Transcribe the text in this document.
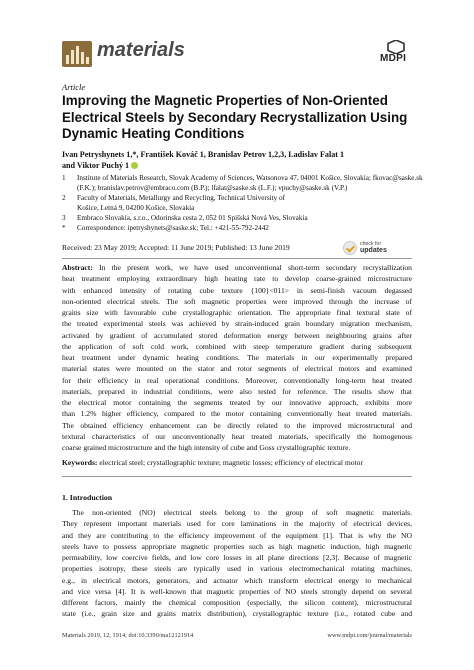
materials	MDPI
Article
Improving the Magnetic Properties of Non-Oriented Electrical Steels by Secondary Recrystallization Using Dynamic Heating Conditions
Ivan Petryshynets 1,*, František Kováč 1, Branislav Petrov 1,2,3, Ladislav Falat 1
and Viktor Puchý 1
1	Institute of Materials Research, Slovak Academy of Sciences, Watsonova 47, 04001 Košice, Slovakia; fkovac@saske.sk (F.K.); branislav.petrov@embraco.com (B.P.); lfalat@saske.sk (L.F.); vpuchy@saske.sk (V.P.)
2	Faculty of Materials, Metallurgy and Recycling, Technical University of Košice, Letná 9, 04200 Košice, Slovakia
3	Embraco Slovakia, s.r.o., Odorinska cesta 2, 052 01 Spišská Nová Ves, Slovakia
*	Correspondence: ipetryshynets@saske.sk; Tel.: +421-55-792-2442
Received: 23 May 2019; Accepted: 11 June 2019; Published: 13 June 2019	check for
updates
Abstract: In the present work, we have used unconventional short-term secondary recrystallization
heat treatment employing extraordinary high heating rate to develop coarse-grained microstructure
with enhanced intensity of rotating cube texture {100}<011> in semi-finish vacuum degassed
non-oriented electrical steels. The soft magnetic properties were improved through the increase of
grains size with favourable cube crystallographic orientation. The appropriate final textural state of
the treated experimental steels was achieved by strain-induced grain boundary migration mechanism,
activated by gradient of accumulated stored deformation energy between neighbouring grains after
the application of soft cold work, combined with steep temperature gradient during subsequent
heat treatment under dynamic heating conditions. The materials in our experimentally prepared
material states were mounted on the stator and rotor segments of electrical motors and examined
for their efficiency in real operational conditions. Moreover, conventionally long-term heat treated
materials, prepared in industrial conditions, were also tested for reference. The results show that
the electrical motor containing the segments treated by our innovative approach, exhibits more
than 1.2% higher efficiency, compared to the motor containing conventionally heat treated materials.
The obtained efficiency enhancement can be directly related to the improved microstructural and
textural characteristics of our unconventionally heat treated materials, specifically the homogenous
coarse grained microstructure and the high intensity of cube and Goss crystallographic texture.
Keywords: electrical steel; crystallographic texture; magnetic losses; efficiency of electrical motor
1. Introduction
The non-oriented (NO) electrical steels belong to the group of soft magnetic materials.
They represent important materials used for core laminations in the majority of electrical devices,
and they are contributing to the efficiency improvement of the equipment [1]. That is why the NO
steels have to possess appropriate magnetic properties such as high magnetic induction, high magnetic
permeability, low coercive fields, and low core losses in all plane directions [2,3]. Because of magnetic
properties isotropy, these steels are typically used in various electromechanical rotating machines,
e.g., in electrical motors, generators, and actuator which transform electrical energy to mechanical
and vice versa [4]. It is well-known that magnetic properties of NO steels strongly depend on several
different factors, mainly the chemical composition (especially, the silicon content), microstructural
state (i.e., grain size and grains matrix distribution), crystallographic texture (i.e., rotated cube and
Materials 2019, 12, 1914; doi:10.3390/ma12121914	www.mdpi.com/journal/materials
